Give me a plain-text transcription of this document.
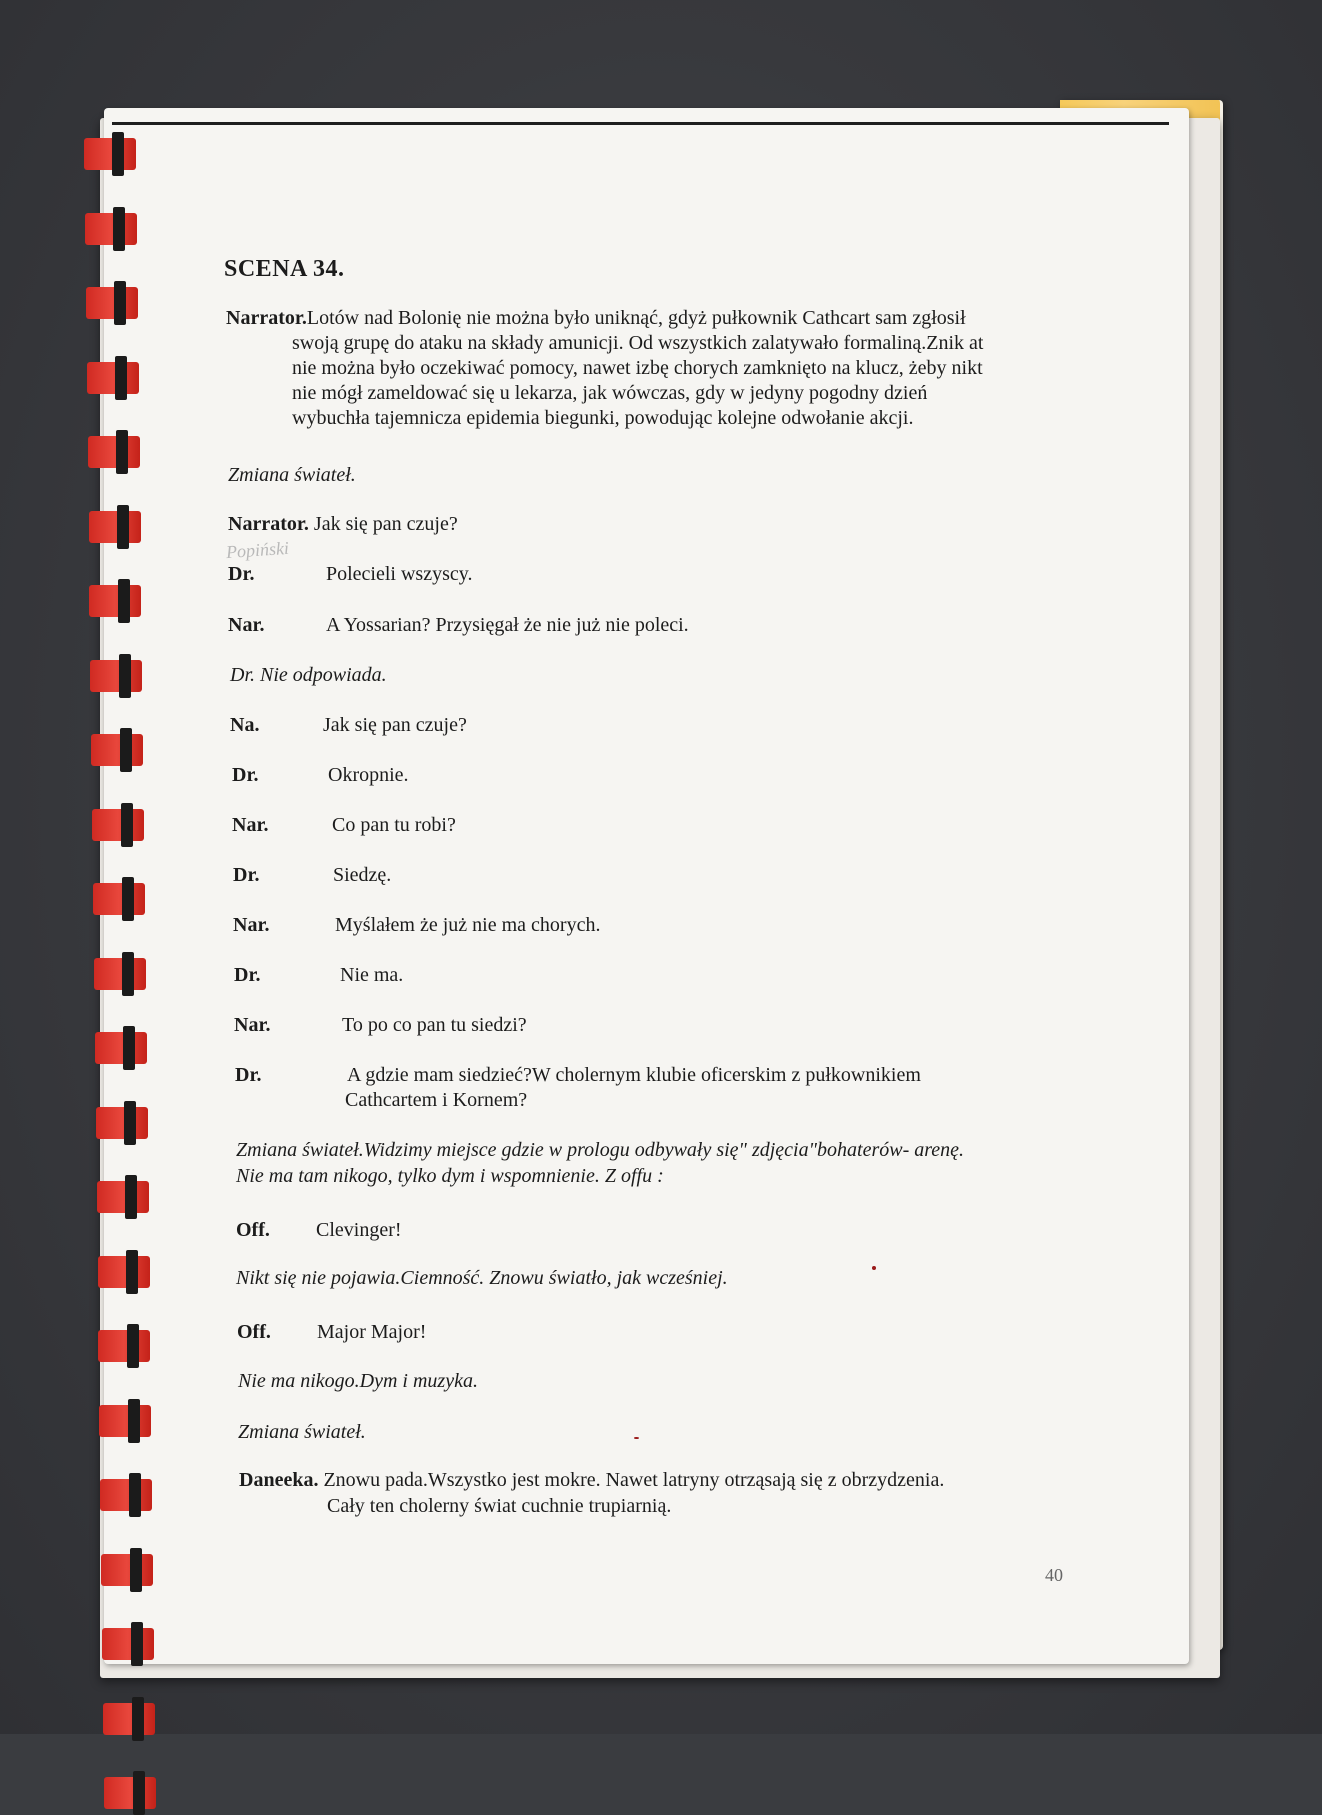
SCENA 34.
Narrator.Lotów nad Bolonię nie można było uniknąć, gdyż pułkownik Cathcart sam zgłosił
swoją grupę do ataku na składy amunicji. Od wszystkich zalatywało formaliną.Znik at
nie można było oczekiwać pomocy, nawet izbę chorych zamknięto na klucz, żeby nikt
nie mógł zameldować się u lekarza, jak wówczas, gdy w jedyny pogodny dzień
wybuchła tajemnicza epidemia biegunki, powodując kolejne odwołanie akcji.
Zmiana świateł.
Narrator. Jak się pan czuje?
Popiński
Dr.	Polecieli wszyscy.
Nar.	A Yossarian? Przysięgał że nie już nie poleci.
Dr. Nie odpowiada.
Na.	Jak się pan czuje?
Dr.	Okropnie.
Nar.	Co pan tu robi?
Dr.	Siedzę.
Nar.	Myślałem że już nie ma chorych.
Dr.	Nie ma.
Nar.	To po co pan tu siedzi?
Dr.	A gdzie mam siedzieć?W cholernym klubie oficerskim z pułkownikiem
Cathcartem i Kornem?
Zmiana świateł.Widzimy miejsce gdzie w prologu odbywały się" zdjęcia"bohaterów- arenę.
Nie ma tam nikogo, tylko dym i wspomnienie. Z offu :
Off. Clevinger!
Nikt się nie pojawia.Ciemność. Znowu światło, jak wcześniej.
Off. Major Major!
Nie ma nikogo.Dym i muzyka.
Zmiana świateł.
Daneeka. Znowu pada.Wszystko jest mokre. Nawet latryny otrząsają się z obrzydzenia.
Cały ten cholerny świat cuchnie trupiarnią.
40
